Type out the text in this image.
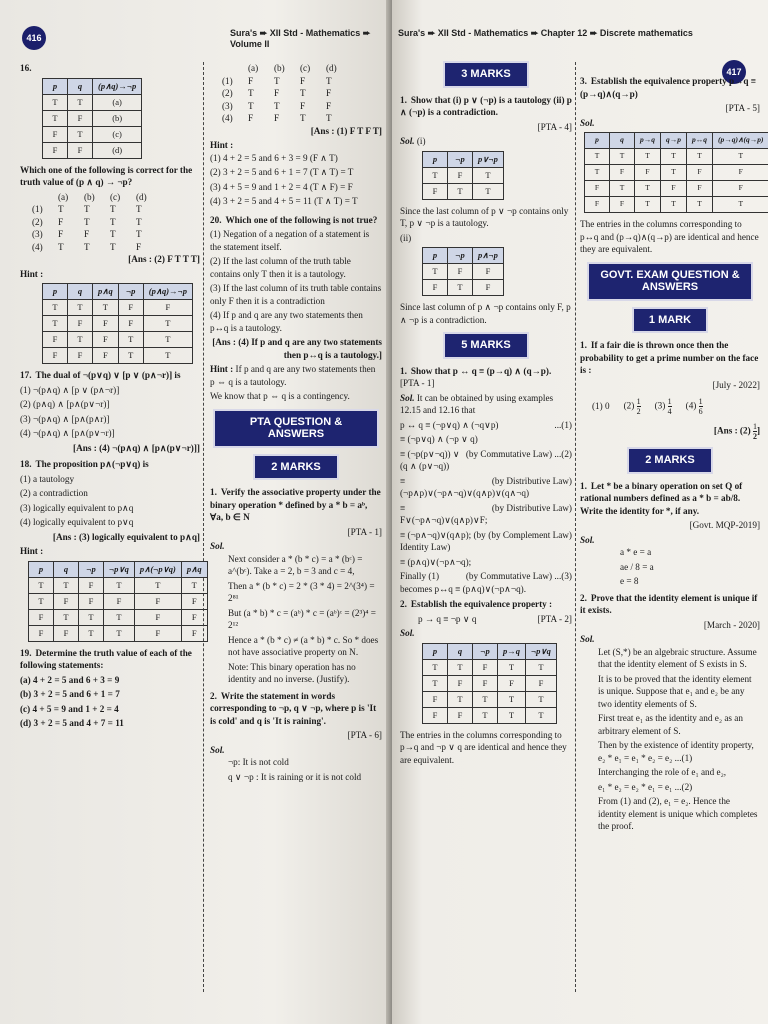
416	Sura's ➨ XII Std - Mathematics ➨ Volume II
16.
p	q	(p∧q)→¬p
T	T	(a)
T	F	(b)
F	T	(c)
F	F	(d)

Which one of the following is correct for the truth value of (p ∧ q) → ¬p?

(a) (b) (c) (d)
(1) T T T T
(2) F T T T
(3) F F T T
(4) T T T F

[Ans : (2) F T T T]

Hint :
p	q	p∧q	¬p	(p∧q)→¬p
T	T	T	F	F
T	F	F	F	T
F	T	F	T	T
F	F	F	T	T

17. The dual of ¬(p∨q) ∨ [p ∨ (p∧¬r)] is

(1) ¬(p∧q) ∧ [p ∨ (p∧¬r)]

(2) (p∧q) ∧ [p∧(p∨¬r)]

(3) ¬(p∧q) ∧ [p∧(p∧r)]

(4) ¬(p∧q) ∧ [p∧(p∨¬r)]

[Ans : (4) ¬(p∧q) ∧ [p∧(p∨¬r)]]

18. The proposition p∧(¬p∨q) is

(1) a tautology

(2) a contradiction

(3) logically equivalent to p∧q

(4) logically equivalent to p∨q

[Ans : (3) logically equivalent to p∧q]

Hint :
p	q	¬p	¬p∨q	p∧(¬p∨q)	p∧q
T	T	F	T	T	T
T	F	F	F	F	F
F	T	T	T	F	F
F	F	T	T	F	F

19. Determine the truth value of each of the following statements:

(a) 4 + 2 = 5 and 6 + 3 = 9

(b) 3 + 2 = 5 and 6 + 1 = 7

(c) 4 + 5 = 9 and 1 + 2 = 4

(d) 3 + 2 = 5 and 4 + 7 = 11

(a) (b) (c) (d)
(1) F T F T
(2) T F T F
(3) T T F F
(4) F F T T

[Ans : (1) F T F T]

Hint :

(1) 4 + 2 = 5 and 6 + 3 = 9 (F ∧ T)

(2) 3 + 2 = 5 and 6 + 1 = 7 (T ∧ T) = T

(3) 4 + 5 = 9 and 1 + 2 = 4 (T ∧ F) = F

(4) 3 + 2 = 5 and 4 + 5 = 11 (T ∧ T) = T

20. Which one of the following is not true?

(1) Negation of a negation of a statement is the statement itself.

(2) If the last column of the truth table contains only T then it is a tautology.

(3) If the last column of its truth table contains only F then it is a contradiction

(4) If p and q are any two statements then p↔q is a tautology.

[Ans : (4) If p and q are any two statements then p↔q is a tautology.]

Hint : If p and q are any two statements then p ⇔ q is a tautology.

We know that p ⇔ q is a contingency.

PTA QUESTION & ANSWERS
2 MARKS

1. Verify the associative property under the binary operation * defined by a * b = aᵇ, ∀a, b ∈ N

[PTA - 1]

Sol.

Next consider a * (b * c) = a * (bᶜ) = a^(bᶜ). Take a = 2, b = 3 and c = 4,

Then a * (b * c) = 2 * (3 * 4) = 2^(3⁴) = 2⁸¹

But (a * b) * c = (aᵇ) * c = (aᵇ)ᶜ = (2³)⁴ = 2¹²

Hence a * (b * c) ≠ (a * b) * c. So * does not have associative property on N.

Note: This binary operation has no identity and no inverse. (Justify).

2. Write the statement in words corresponding to ¬p, q ∨ ¬p, where p is 'It is cold' and q is 'It is raining'.

[PTA - 6]

Sol.

¬p: It is not cold

q ∨ ¬p : It is raining or it is not cold

Sura's ➨ XII Std - Mathematics ➨ Chapter 12 ➨ Discrete mathematics
417
3 MARKS

1. Show that (i) p ∨ (¬p) is a tautology (ii) p ∧ (¬p) is a contradiction.

[PTA - 4]

Sol. (i)
p	¬p	p∨¬p
T	F	T
F	T	T

Since the last column of p ∨ ¬p contains only T, p ∨ ¬p is a tautology.

(ii)
p	¬p	p∧¬p
T	F	F
F	T	F

Since last column of p ∧ ¬p contains only F, p ∧ ¬p is a contradiction.

5 MARKS

1. Show that p ↔ q ≡ (p→q) ∧ (q→p). [PTA - 1]

Sol. It can be obtained by using examples 12.15 and 12.16 that

p ↔ q ≡ (¬p∨q) ∧ (¬q∨p)	...(1)

≡ (¬p∨q) ∧ (¬p ∨ q)

(by Commutative Law) ...(2)

≡ (¬p(p∨¬q)) ∨ (q ∧ (p∨¬q))

(by Distributive Law)

≡ (¬p∧p)∨(¬p∧¬q)∨(q∧p)∨(q∧¬q)

(by Distributive Law)

≡ F∨(¬p∧¬q)∨(q∧p)∨F;

(by Complement Law)

≡ (¬p∧¬q)∨(q∧p); (by Identity Law)

≡ (p∧q)∨(¬p∧¬q);

(by Commutative Law) ...(3)

Finally (1) becomes p↔q ≡ (p∧q)∨(¬p∧¬q).

2. Establish the equivalence property :

p → q ≡ ¬p ∨ q	[PTA - 2]

Sol.
p	q	¬p	p→q	¬p∨q
T	T	F	T	T
T	F	F	F	F
F	T	T	T	T
F	F	T	T	T

The entries in the columns corresponding to p→q and ¬p ∨ q are identical and hence they are equivalent.

3. Establish the equivalence property p→q ≡ (p→q)∧(q→p)

[PTA - 5]

Sol.
p	q	p→q	q→p	p↔q	(p→q)∧(q→p)
T	T	T	T	T	T
T	F	F	T	F	F
F	T	T	F	F	F
F	F	T	T	T	T

The entries in the columns corresponding to p↔q and (p→q)∧(q→p) are identical and hence they are equivalent.

GOVT. EXAM QUESTION & ANSWERS
1 MARK

1. If a fair die is thrown once then the probability to get a prime number on the face is :

[July - 2022]

(1) 0 $(2) \frac{1}{2} (3) \frac{1}{4} (4) \frac{1}{6}$

[Ans : $(2) \frac{1}{2}$]

2 MARKS

1. Let * be a binary operation on set Q of rational numbers defined as a * b = ab/8. Write the identity for *, if any.

[Govt. MQP-2019]

Sol.

a * e = a

ae / 8 = a

e = 8

2. Prove that the identity element is unique if it exists.

[March - 2020]

Sol.

Let (S,*) be an algebraic structure. Assume that the identity element of S exists in S.

It is to be proved that the identity element is unique. Suppose that e₁ and e₂ be any two identity elements of S.

First treat e₁ as the identity and e₂ as an arbitrary element of S.

Then by the existence of identity property, e₂ * e₁ = e₁ * e₂ = e₂ ...(1)

Interchanging the role of e₁ and e₂,

e₁ * e₂ = e₂ * e₁ = e₁ ...(2)

From (1) and (2), e₁ = e₂. Hence the identity element is unique which completes the proof.
